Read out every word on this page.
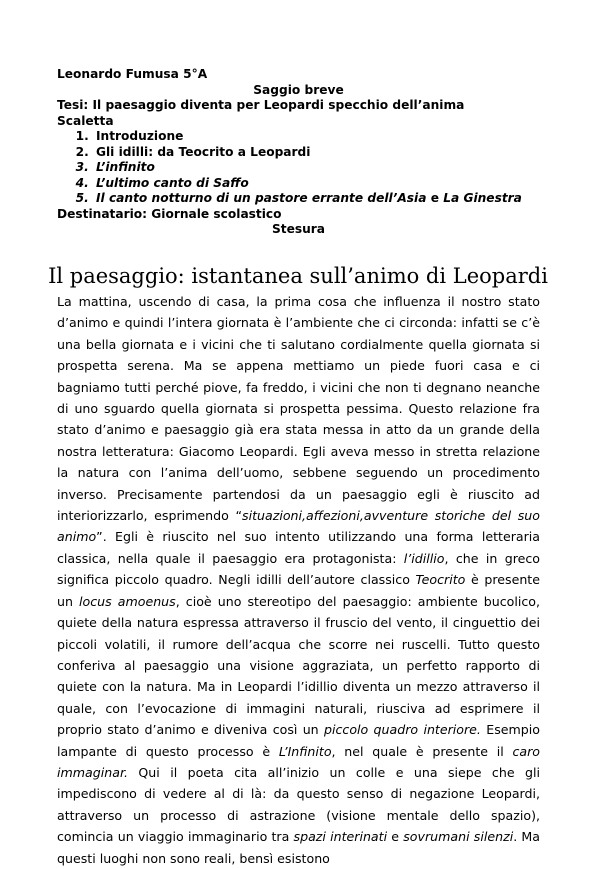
Leonardo Fumusa 5°A

Saggio breve

Tesi: Il paesaggio diventa per Leopardi specchio dell’anima

Scaletta

1. Introduzione
2. Gli idilli: da Teocrito a Leopardi
3. L’infinito
4. L’ultimo canto di Saffo
5. Il canto notturno di un pastore errante dell’Asia e La Ginestra

Destinatario: Giornale scolastico

Stesura

Il paesaggio: istantanea sull’animo di Leopardi

La mattina, uscendo di casa, la prima cosa che influenza il nostro stato d’animo e quindi l’intera giornata è l’ambiente che ci circonda: infatti se c’è una bella giornata e i vicini che ti salutano cordialmente quella giornata si prospetta serena. Ma se appena mettiamo un piede fuori casa e ci bagniamo tutti perché piove, fa freddo, i vicini che non ti degnano neanche di uno sguardo quella giornata si prospetta pessima. Questo relazione fra stato d’animo e paesaggio già era stata messa in atto da un grande della nostra letteratura: Giacomo Leopardi. Egli aveva messo in stretta relazione la natura con l’anima dell’uomo, sebbene seguendo un procedimento inverso. Precisamente partendosi da un paesaggio egli è riuscito ad interiorizzarlo, esprimendo “situazioni,affezioni,avventure storiche del suo animo”. Egli è riuscito nel suo intento utilizzando una forma letteraria classica, nella quale il paesaggio era protagonista: l’idillio, che in greco significa piccolo quadro. Negli idilli dell’autore classico Teocrito è presente un locus amoenus, cioè uno stereotipo del paesaggio: ambiente bucolico, quiete della natura espressa attraverso il fruscio del vento, il cinguettio dei piccoli volatili, il rumore dell’acqua che scorre nei ruscelli. Tutto questo conferiva al paesaggio una visione aggraziata, un perfetto rapporto di quiete con la natura. Ma in Leopardi l’idillio diventa un mezzo attraverso il quale, con l’evocazione di immagini naturali, riusciva ad esprimere il proprio stato d’animo e diveniva così un piccolo quadro interiore. Esempio lampante di questo processo è L’Infinito, nel quale è presente il caro immaginar. Qui il poeta cita all’inizio un colle e una siepe che gli impediscono di vedere al di là: da questo senso di negazione Leopardi, attraverso un processo di astrazione (visione mentale dello spazio), comincia un viaggio immaginario tra spazi interinati e sovrumani silenzi. Ma questi luoghi non sono reali, bensì esistono
